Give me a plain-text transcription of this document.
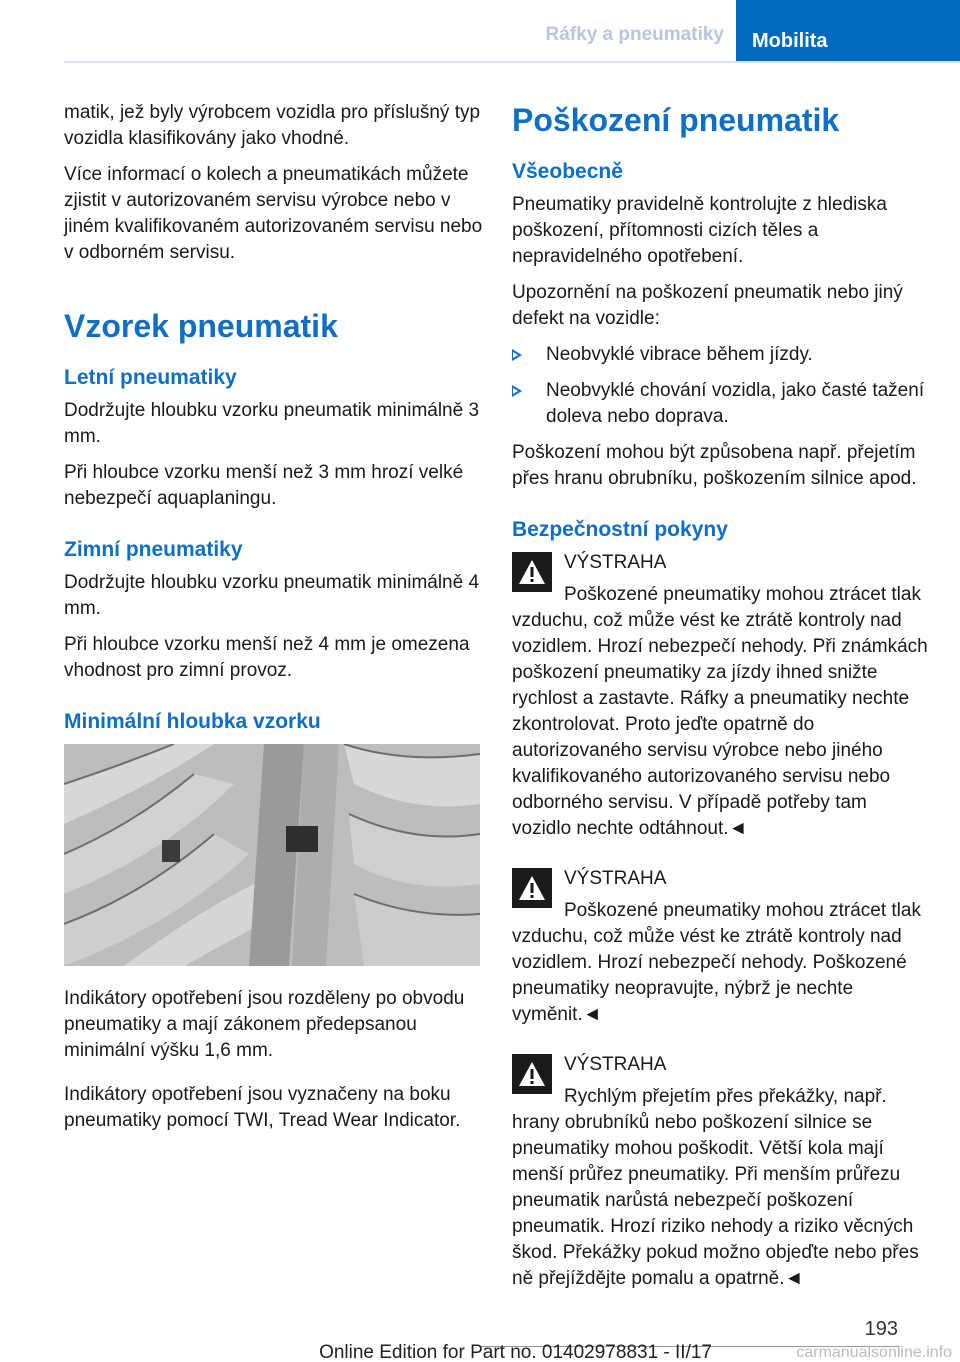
Ráfky a pneumatiky	Mobilita

matik, jež byly výrobcem vozidla pro příslušný typ vozidla klasifikovány jako vhodné.

Více informací o kolech a pneumatikách můžete zjistit v autorizovaném servisu výrobce nebo v jiném kvalifikovaném autorizovaném servisu nebo v odborném servisu.

Vzorek pneumatik
Letní pneumatiky

Dodržujte hloubku vzorku pneumatik minimálně 3 mm.

Při hloubce vzorku menší než 3 mm hrozí velké nebezpečí aquaplaningu.

Zimní pneumatiky

Dodržujte hloubku vzorku pneumatik minimálně 4 mm.

Při hloubce vzorku menší než 4 mm je omezena vhodnost pro zimní provoz.

Minimální hloubka vzorku

Indikátory opotřebení jsou rozděleny po obvodu pneumatiky a mají zákonem předepsanou minimální výšku 1,6 mm.

Indikátory opotřebení jsou vyznačeny na boku pneumatiky pomocí TWI, Tread Wear Indicator.

Poškození pneumatik
Všeobecně

Pneumatiky pravidelně kontrolujte z hlediska poškození, přítomnosti cizích těles a nepravidelného opotřebení.

Upozornění na poškození pneumatik nebo jiný defekt na vozidle:

Neobvyklé vibrace během jízdy.
Neobvyklé chování vozidla, jako časté tažení doleva nebo doprava.

Poškození mohou být způsobena např. přejetím přes hranu obrubníku, poškozením silnice apod.

Bezpečnostní pokyny

VÝSTRAHA

Poškozené pneumatiky mohou ztrácet tlak vzduchu, což může vést ke ztrátě kontroly nad vozidlem. Hrozí nebezpečí nehody. Při známkách poškození pneumatiky za jízdy ihned snižte rychlost a zastavte. Ráfky a pneumatiky nechte zkontrolovat. Proto jeďte opatrně do autorizovaného servisu výrobce nebo jiného kvalifikovaného autorizovaného servisu nebo odborného servisu. V případě potřeby tam vozidlo nechte odtáhnout.◄

VÝSTRAHA

Poškozené pneumatiky mohou ztrácet tlak vzduchu, což může vést ke ztrátě kontroly nad vozidlem. Hrozí nebezpečí nehody. Poškozené pneumatiky neopravujte, nýbrž je nechte vyměnit.◄

VÝSTRAHA

Rychlým přejetím přes překážky, např. hrany obrubníků nebo poškození silnice se pneumatiky mohou poškodit. Větší kola mají menší průřez pneumatiky. Při menším průřezu pneumatik narůstá nebezpečí poškození pneumatik. Hrozí riziko nehody a riziko věcných škod. Překážky pokud možno objeďte nebo přes ně přejíždějte pomalu a opatrně.◄

193
Online Edition for Part no. 01402978831 - II/17	carmanualsonline.info
